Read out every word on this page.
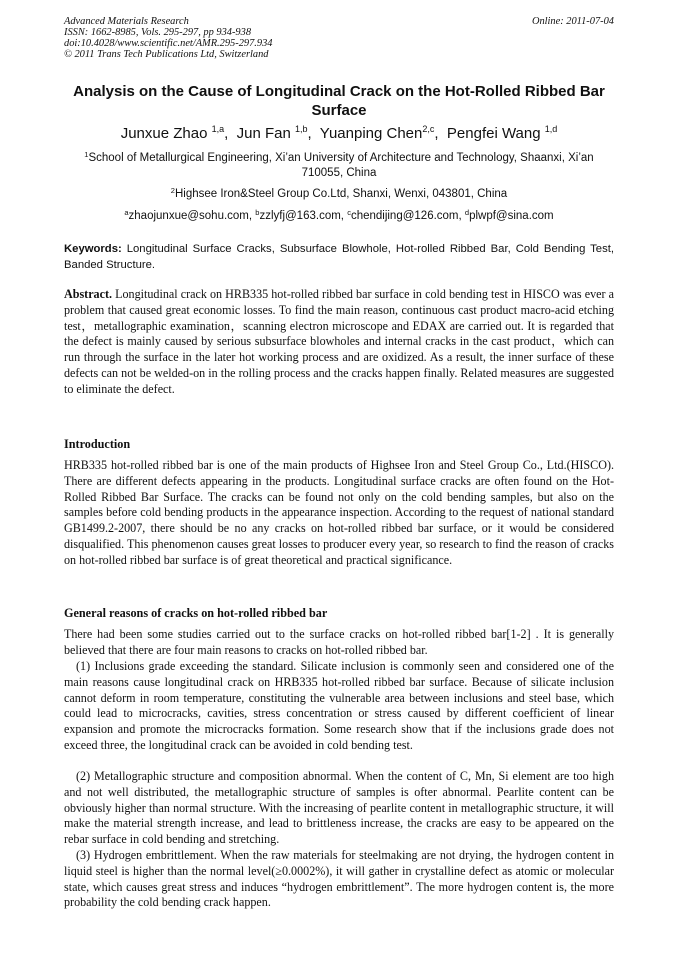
Advanced Materials Research
ISSN: 1662-8985, Vols. 295-297, pp 934-938
doi:10.4028/www.scientific.net/AMR.295-297.934
© 2011 Trans Tech Publications Ltd, Switzerland
Online: 2011-07-04
Analysis on the Cause of Longitudinal Crack on the Hot-Rolled Ribbed Bar Surface
Junxue Zhao $^{1,a}$,  Jun Fan $^{1,b}$,  Yuanping Chen$^{2,c}$,  Pengfei Wang $^{1,d}$
$^1$School of Metallurgical Engineering, Xi’an University of Architecture and Technology, Shaanxi, Xi’an 710055, China
$^2$Highsee Iron&Steel Group Co.Ltd, Shanxi, Wenxi, 043801, China
$^a$zhaojunxue@sohu.com, $^b$zzlyfj@163.com, $^c$chendijing@126.com, $^d$plwpf@sina.com
Keywords: Longitudinal Surface Cracks, Subsurface Blowhole, Hot-rolled Ribbed Bar, Cold Bending Test, Banded Structure.

Abstract. Longitudinal crack on HRB335 hot-rolled ribbed bar surface in cold bending test in HISCO was ever a problem that caused great economic losses. To find the main reason, continuous cast product macro-acid etching test，metallographic examination，scanning electron microscope and EDAX are carried out. It is regarded that the defect is mainly caused by serious subsurface blowholes and internal cracks in the cast product，which can run through the surface in the later hot working process and are oxidized. As a result, the inner surface of these defects can not be welded-on in the rolling process and the cracks happen finally. Related measures are suggested to eliminate the defect.

Introduction

HRB335 hot-rolled ribbed bar is one of the main products of Highsee Iron and Steel Group Co., Ltd.(HISCO). There are different defects appearing in the products. Longitudinal surface cracks are often found on the Hot-Rolled Ribbed Bar Surface. The cracks can be found not only on the cold bending samples, but also on the samples before cold bending products in the appearance inspection. According to the request of national standard GB1499.2-2007, there should be no any cracks on hot-rolled ribbed bar surface, or it would be considered disqualified. This phenomenon causes great losses to producer every year, so research to find the reason of cracks on hot-rolled ribbed bar surface is of great theoretical and practical significance.

General reasons of cracks on hot-rolled ribbed bar

There had been some studies carried out to the surface cracks on hot-rolled ribbed bar[1-2] . It is generally believed that there are four main reasons to cracks on hot-rolled ribbed bar.

(1) Inclusions grade exceeding the standard. Silicate inclusion is commonly seen and considered one of the main reasons cause longitudinal crack on HRB335 hot-rolled ribbed bar surface. Because of silicate inclusion cannot deform in room temperature, constituting the vulnerable area between inclusions and steel base, which could lead to microcracks, cavities, stress concentration or stress caused by different coefficient of linear expansion and promote the microcracks formation. Some research show that if the inclusions grade does not exceed three, the longitudinal crack can be avoided in cold bending test.

(2) Metallographic structure and composition abnormal. When the content of C, Mn, Si element are too high and not well distributed, the metallographic structure of samples is ofter abnormal. Pearlite content can be obviously higher than normal structure. With the increasing of pearlite content in metallographic structure, it will make the material strength increase, and lead to brittleness increase, the cracks are easy to be appeared on the rebar surface in cold bending and stretching.

(3) Hydrogen embrittlement. When the raw materials for steelmaking are not drying, the hydrogen content in liquid steel is higher than the normal level(≥0.0002%), it will gather in crystalline defect as atomic or molecular state, which causes great stress and induces “hydrogen embrittlement”. The more hydrogen content is, the more probability the cold bending crack happen.
